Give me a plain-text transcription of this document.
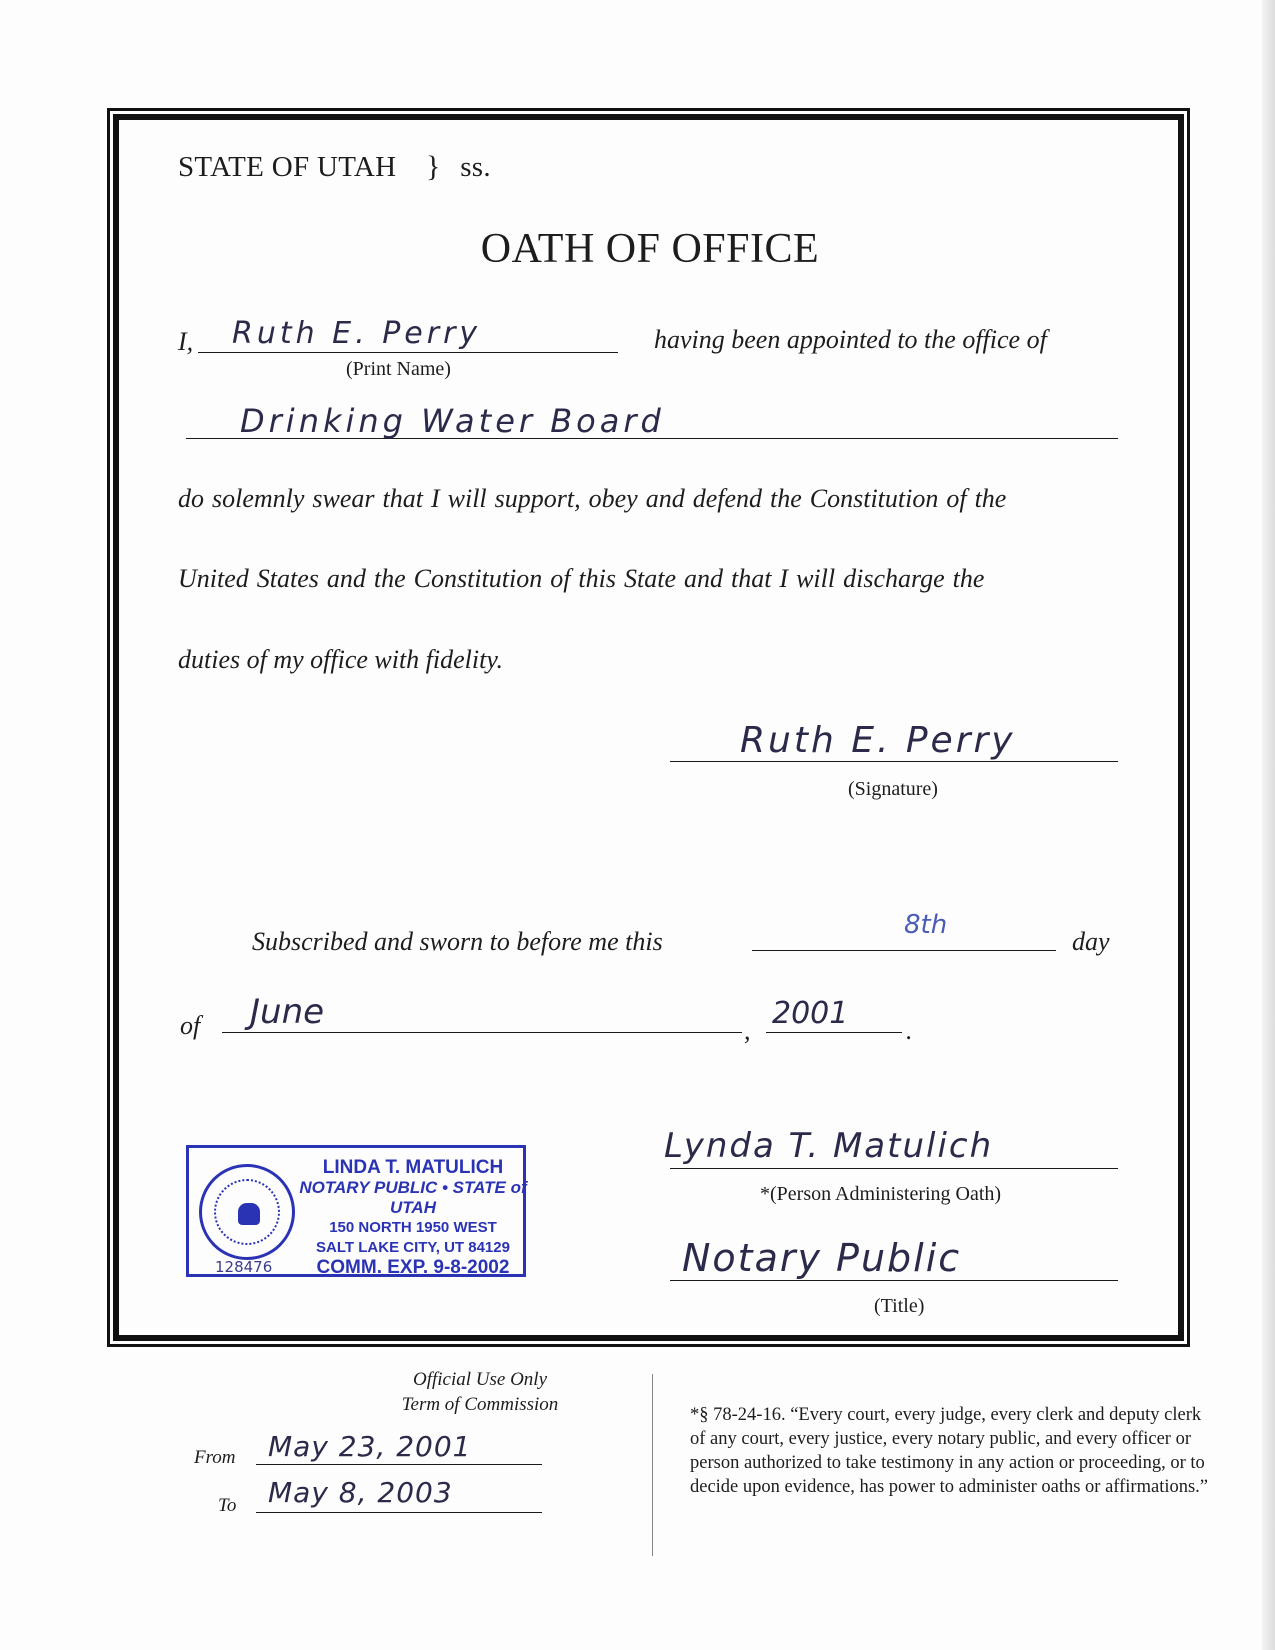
STATE OF UTAH } ss.
OATH OF OFFICE
I, Ruth E. Perry
(Print Name)
having been appointed to the office of
Drinking Water Board
do solemnly swear that I will support, obey and defend the Constitution of the
United States and the Constitution of this State and that I will discharge the
duties of my office with fidelity.
Ruth E. Perry
(Signature)
Subscribed and sworn to before me this
8th
day
of June	, 2001 .
LINDA T. MATULICH
NOTARY PUBLIC • STATE of UTAH
150 NORTH 1950 WEST
SALT LAKE CITY, UT 84129
COMM. EXP. 9-8-2002
128476
Lynda T. Matulich
*(Person Administering Oath)
Notary Public
(Title)
Official Use Only
Term of Commission
From May 23, 2001
To May 8, 2003
*§ 78-24-16. “Every court, every judge, every clerk and deputy clerk of any court, every justice, every notary public, and every officer or person authorized to take testimony in any action or proceeding, or to decide upon evidence, has power to administer oaths or affirmations.”
